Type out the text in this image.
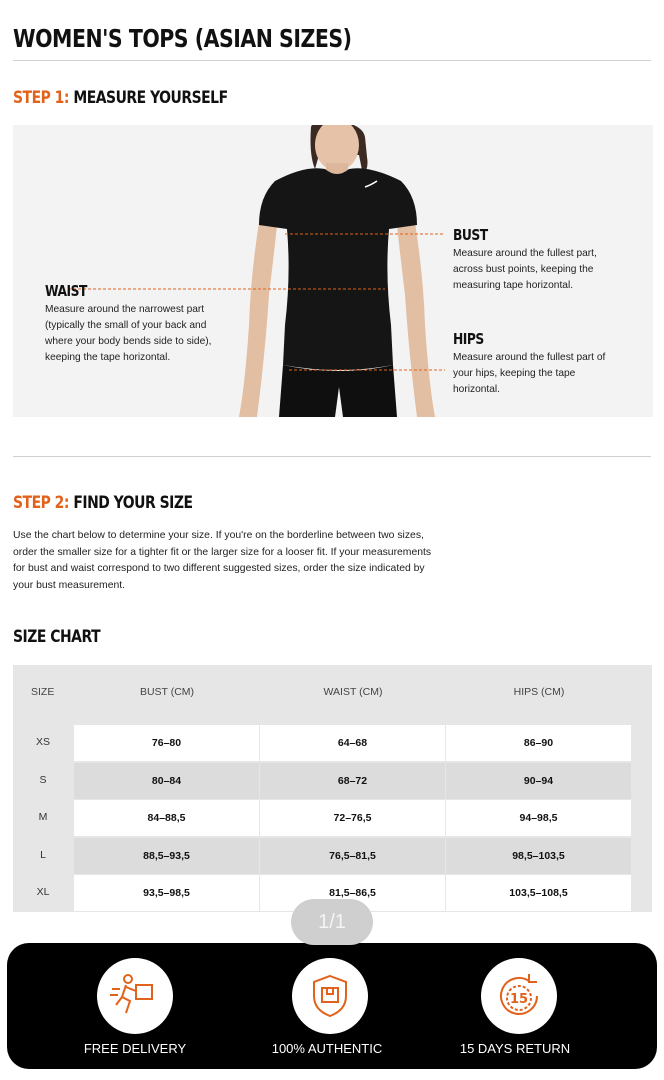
WOMEN'S TOPS (ASIAN SIZES)
STEP 1: MEASURE YOURSELF
BUST
Measure around the fullest part,
across bust points, keeping the
measuring tape horizontal.
WAIST
Measure around the narrowest part
(typically the small of your back and
where your body bends side to side),
keeping the tape horizontal.
HIPS
Measure around the fullest part of
your hips, keeping the tape
horizontal.
STEP 2: FIND YOUR SIZE
Use the chart below to determine your size. If you're on the borderline between two sizes, order the smaller size for a tighter fit or the larger size for a looser fit. If your measurements for bust and waist correspond to two different suggested sizes, order the size indicated by your bust measurement.
SIZE CHART
SIZE	BUST (CM)	WAIST (CM)	HIPS (CM)
XS	76–80	64–68	86–90
S	80–84	68–72	90–94
M	84–88,5	72–76,5	94–98,5
L	88,5–93,5	76,5–81,5	98,5–103,5
XL	93,5–98,5	81,5–86,5	103,5–108,5
1/1
15
FREE DELIVERY	100% AUTHENTIC	15 DAYS RETURN
